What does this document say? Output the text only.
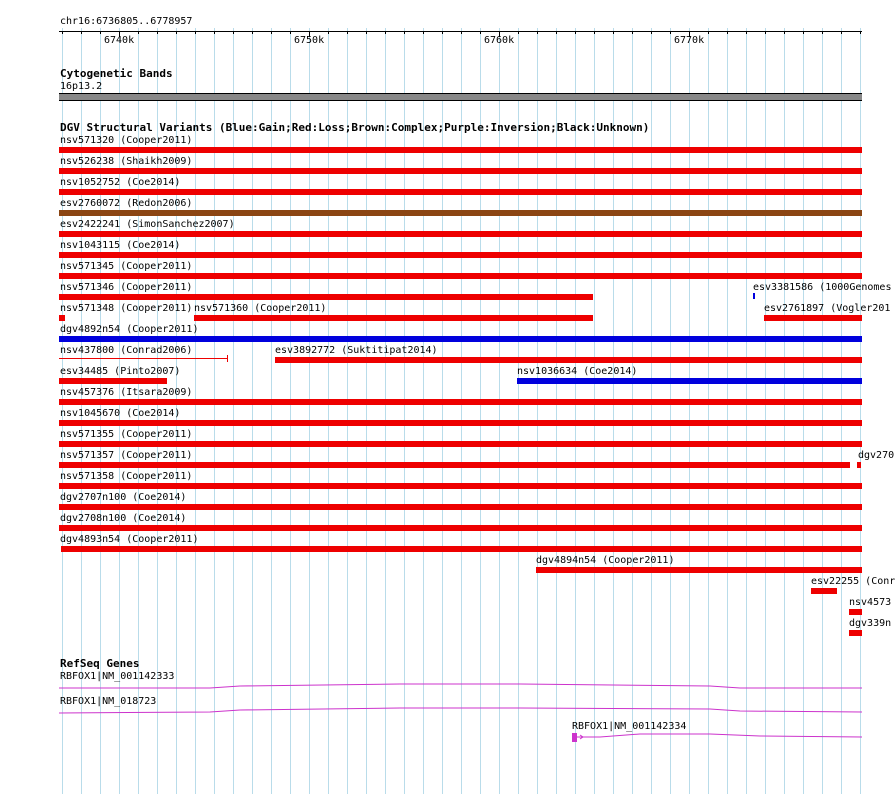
chr16:6736805..6778957
6740k	6750k	6760k	6770k
Cytogenetic Bands
16p13.2
DGV Structural Variants (Blue:Gain;Red:Loss;Brown:Complex;Purple:Inversion;Black:Unknown)
nsv571320 (Cooper2011)
nsv526238 (Shaikh2009)
nsv1052752 (Coe2014)
esv2760072 (Redon2006)
esv2422241 (SimonSanchez2007)
nsv1043115 (Coe2014)
nsv571345 (Cooper2011)
nsv571346 (Cooper2011)	esv3381586 (1000Genomes
nsv571348 (Cooper2011) nsv571360 (Cooper2011)	esv2761897 (Vogler201
dgv4892n54 (Cooper2011)
nsv437800 (Conrad2006)	esv3892772 (Suktitipat2014)
esv34485 (Pinto2007)	nsv1036634 (Coe2014)
nsv457376 (Itsara2009)
nsv1045670 (Coe2014)
nsv571355 (Cooper2011)
nsv571357 (Cooper2011)	dgv270
nsv571358 (Cooper2011)
dgv2707n100 (Coe2014)
dgv2708n100 (Coe2014)
dgv4893n54 (Cooper2011)
dgv4894n54 (Cooper2011)
esv22255 (Conr
nsv4573
dgv339n
RefSeq Genes
RBFOX1|NM_001142333
RBFOX1|NM_018723
RBFOX1|NM_001142334
